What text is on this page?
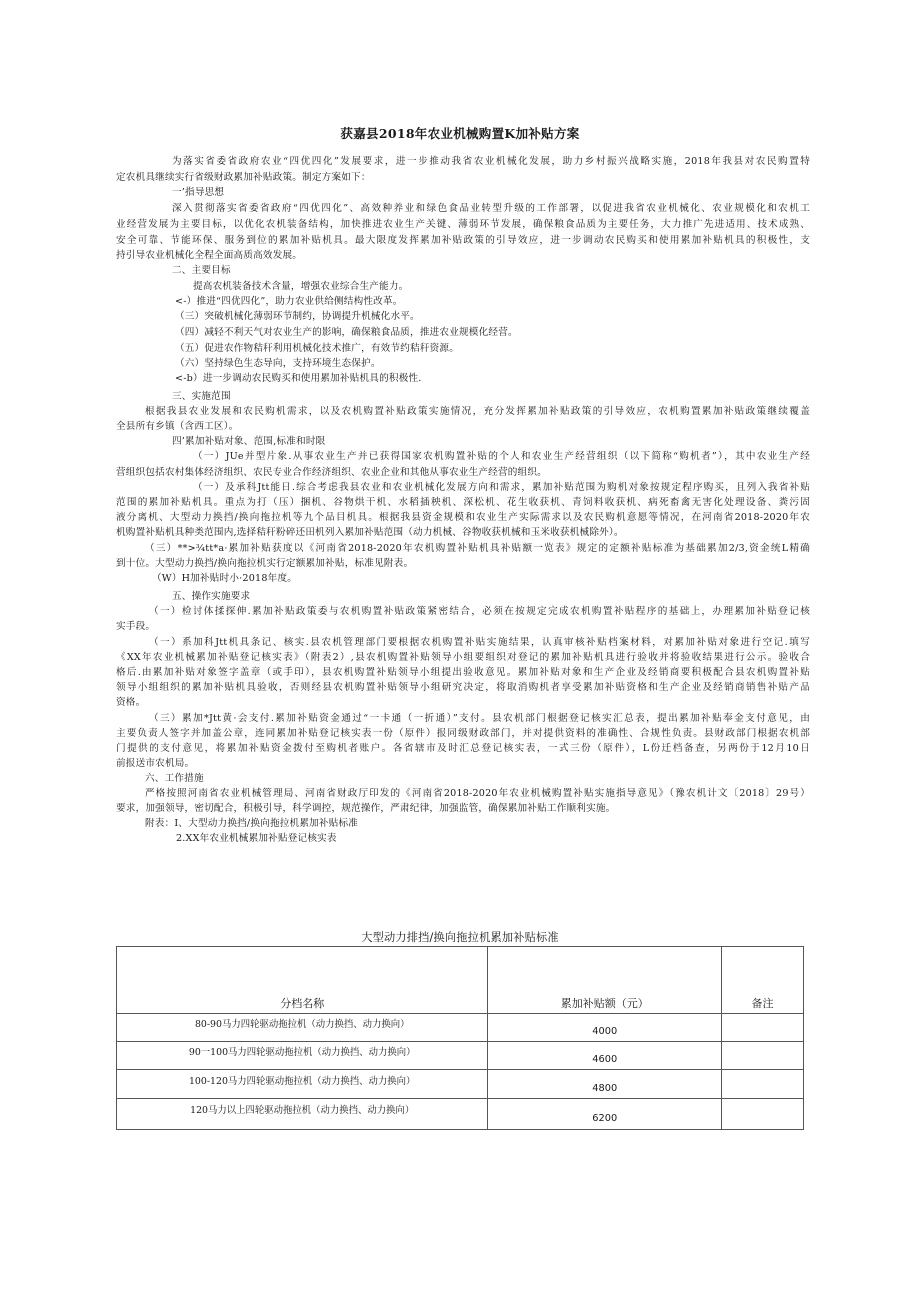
获嘉县2018年农业机械购置K加补贴方案
为落实省委省政府农业“四优四化”发展要求，进一步推动我省农业机械化发展，助力乡村振兴战略实施，2018年我县对农民购置特
定农机具继续实行省级财政累加补贴政策。制定方案如下：
一’指导思想
深入贯彻落实省委省政府“四优四化”、高效种养业和绿色食品业转型升级的工作部署，以促进我省农业机械化、农业规模化和农机工
业经营发展为主要目标，以优化农机装备结构，加快推进农业生产关键、薄弱环节发展，确保粮食品质为主要任务，大力推广先进适用、技术成熟、
安全可靠、节能环保、服务到位的累加补贴机具。最大限度发挥累加补贴政策的引导效应，进一步调动农民购买和使用累加补贴机具的积极性，支
持引导农业机械化全程全面高质高效发展。
二、主要目标
提高农机装备技术含量，增强农业综合生产能力。
<-）推进“四优四化”，助力农业供给侧结构性改革。
（三）突破机械化薄弱环节制约，协调提升机械化水平。
（四）减轻不利天气对农业生产的影响，确保粮食品质，推进农业规模化经营。
（五）促进农作物秸秆利用机械化技术推广，有效节约秸秆资源。
（六）坚持绿色生态导向，支持环境生态保护。
<-b）进一步调动农民购买和使用累加补贴机具的积极性.
三、实施范围
根据我县农业发展和农民购机需求，以及农机购置补贴政策实施情况，充分发挥累加补贴政策的引导效应，农机购置累加补贴政策继续覆盖
全县所有乡镇（含西工区）。
四’累加补贴对象、范围,标准和时限
（一）JUe并型片象.从事农业生产并已获得国家农机购置补贴的个人和农业生产经营组织（以下简称“购机者”），其中农业生产经
营组织包括农村集体经济组织、农民专业合作经济组织、农业企业和其他从事农业生产经营的组织。
（一）及承科Jtt能日.综合考虑我县农业和农业机械化发展方向和需求，累加补贴范围为购机对象按规定程序购买，且列入我省补贴
范围的累加补贴机具。重点为打（压）捆机、谷物烘干机、水稻插秧机、深松机、花生收获机、青饲料收获机、病死畜禽无害化处理设备、粪污固
液分离机、大型动力换挡/换向拖拉机等九个品目机具。根据我县资金规模和农业生产实际需求以及农民购机意愿等情况，在河南省2018-2020年农
机购置补贴机具种类范围内,选择秸秆粉碎还田机列入累加补贴范围（动力机械、谷物收获机械和玉米收获机械除外）。
（三）**>¾tt*a·累加补贴获度以《河南省2018-2020年农机购置补贴机具补贴额一览表》规定的定额补贴标准为基础累加2/3,资金统L精确
到十位。大型动力换挡/换向拖拉机实行定额累加补贴，标准见附表。
（W）H加补贴时小·2018年度。
五、操作实施要求
（一）检讨体揉探伸.累加补贴政策委与农机购置补贴政策紧密结合，必须在按规定完成农机购置补贴程序的基础上，办理累加补贴登记核
实手段。
（一）系加科Jtt机具条记、核实.县农机管理部门要根据农机购置补贴实施结果，认真审核补贴档案材料，对累加补贴对象进行空记.填写
《XX年农业机械累加补贴登记核实表》（附表2）,县农机购置补贴领导小组要组织对登记的累加补贴机具进行验收并将验收结果进行公示。验收合
格后.由累加补贴对象签字盖章（或手印），县农机购置补贴领导小组提出验收意见。累加补贴对象和生产企业及经销商要积极配合县农机购置补贴
领导小组组织的累加补贴机具验收，否则经县农机购置补贴领导小组研究决定，将取消购机者享受累加补贴资格和生产企业及经销商销售补贴产品
资格。
（三）累加*Jtt黄·会支付.累加补贴资金通过“一卡通（一折通）”支付。县农机部门根据登记核实汇总表，提出累加补贴奉金支付意见，由
主要负责人签字并加盖公章，连同累加补贴登记核实表一份（原件）报同级财政部门，并对提供资料的准确性、合规性负责。县财政部门根据农机部
门提供的支付意见，将累加补贴资金拨付至购机者账户。各省辖市及时汇总登记核实表，一式三份（原件），L份迁档备查，另两份于12月10日
前报送市农机局。
六、工作措施
严格按照河南省农业机械管理局、河南省财政厅印发的《河南省2018-2020年农业机械购置补贴实施指导意见》（豫农机计文〔2018〕29号）
要求，加强领导，密切配合，积极引导，科学调控，规范操作，严肃纪律，加强监管，确保累加补贴工作顺利实施。
附表：I、大型动力换挡/换向拖拉机累加补贴标准
2.XX年农业机械累加补贴登记核实表
大型动力排挡/换向拖拉机累加补贴标准
分档名称	累加补贴额（元）	备注

80-90马力四轮驱动拖拉机（动力换挡、动力换向）	4000	

90一100马力四轮驱动拖拉机（动力换挡、动力换向）	4600	

100-120马力四轮驱动拖拉机（动力换挡、动力换向）	4800	

120马力以上四轮驱动拖拉机（动力换挡、动力换向）	6200	
